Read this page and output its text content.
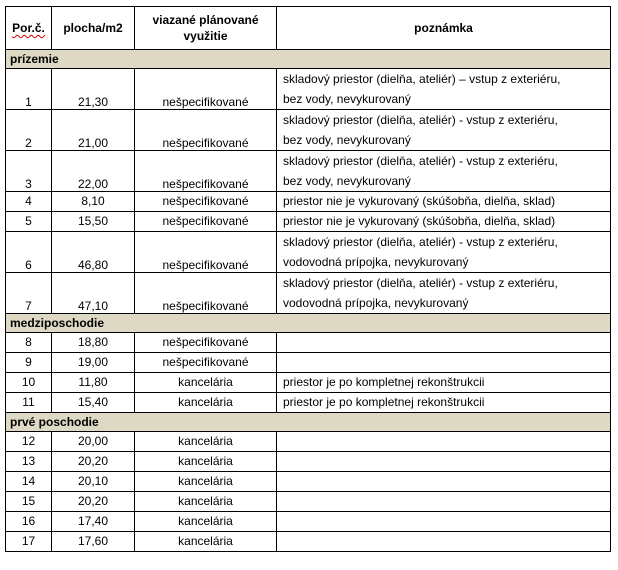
Por.č.	plocha/m2	viazané plánované
využitie	poznámka
prízemie			
1	21,30	nešpecifikované	skladový priestor (dielňa, ateliér) – vstup z exteriéru,
bez vody, nevykurovaný

2	21,00	nešpecifikované	skladový priestor (dielňa, ateliér) - vstup z exteriéru,
bez vody, nevykurovaný

3	22,00	nešpecifikované	skladový priestor (dielňa, ateliér) - vstup z exteriéru,
bez vody, nevykurovaný

4	8,10	nešpecifikované	priestor nie je vykurovaný (skúšobňa, dielňa, sklad)

5	15,50	nešpecifikované	priestor nie je vykurovaný (skúšobňa, dielňa, sklad)

6	46,80	nešpecifikované	skladový priestor (dielňa, ateliér) - vstup z exteriéru,
vodovodná prípojka, nevykurovaný

7	47,10	nešpecifikované	skladový priestor (dielňa, ateliér) - vstup z exteriéru,
vodovodná prípojka, nevykurovaný

medziposchodie			
8	18,80	nešpecifikované	

9	19,00	nešpecifikované	

10	11,80	kancelária	priestor je po kompletnej rekonštrukcii

11	15,40	kancelária	priestor je po kompletnej rekonštrukcii

prvé poschodie			
12	20,00	kancelária	

13	20,20	kancelária	

14	20,10	kancelária	

15	20,20	kancelária	

16	17,40	kancelária	

17	17,60	kancelária	
